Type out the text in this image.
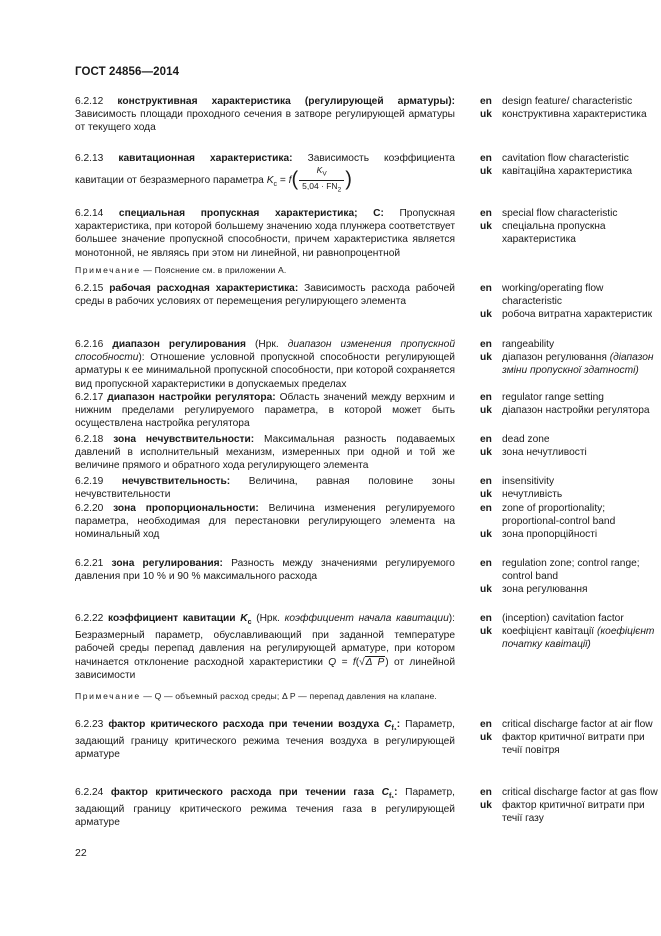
ГОСТ 24856—2014
6.2.12 конструктивная характеристика (регулирующей арматуры): Зависимость площади проходного сечения в затворе регулирующей арматуры от текущего хода
en design feature/ characteristic
uk конструктивна характеристика
6.2.13 кавитационная характеристика: Зависимость коэффициента кавитации от безразмерного параметра $K_c = f( \frac{K_V}{5,04 \cdot FN_2}$ )
en cavitation flow characteristic
uk кавітаційна характеристика
6.2.14 специальная пропускная характеристика; С: Пропускная характеристика, при которой большему значению хода плунжера соответствует большее значение пропускной способности, причем характеристика является монотонной, не являясь при этом ни линейной, ни равнопроцентной
Примечание — Пояснение см. в приложении А.
en special flow characteristic
uk спеціальна пропускна характеристика
6.2.15 рабочая расходная характеристика: Зависимость расхода рабочей среды в рабочих условиях от перемещения регулирующего элемента
en working/operating flow characteristic
uk робоча витратна характеристик
6.2.16 диапазон регулирования (Нрк. диапазон изменения пропускной способности): Отношение условной пропускной способности регулирующей арматуры к ее минимальной пропускной способности, при которой сохраняется вид пропускной характеристики в допускаемых пределах
en rangeability
uk діапазон регулювання (діапазон зміни пропускної здатності)
6.2.17 диапазон настройки регулятора: Область значений между верхним и нижним пределами регулируемого параметра, в которой может быть осуществлена настройка регулятора
en regulator range setting
uk діапазон настройки регулятора
6.2.18 зона нечувствительности: Максимальная разность подаваемых давлений в исполнительный механизм, измеренных при одной и той же величине прямого и обратного хода регулирующего элемента
en dead zone
uk зона нечутливості
6.2.19 нечувствительность: Величина, равная половине зоны нечувствительности
en insensitivity
uk нечутливість
6.2.20 зона пропорциональности: Величина изменения регулируемого параметра, необходимая для перестановки регулирующего элемента на номинальный ход
en zone of proportionality; proportional-control band
uk зона пропорційності
6.2.21 зона регулирования: Разность между значениями регулируемого давления при 10 % и 90 % максимального расхода
en regulation zone; control range; control band
uk зона регулювання
6.2.22 коэффициент кавитации $K_c$ (Нрк. коэффициент начала кавитации): Безразмерный параметр, обуславливающий при заданной температуре рабочей среды перепад давления на регулирующей арматуре, при котором начинается отклонение расходной характеристики Q = f(√Δ P) от линейной зависимости
Примечание — Q — объемный расход среды; Δ P — перепад давления на клапане.
en (inception) cavitation factor
uk коефіцієнт кавітації (коефіцієнт початку кавітації)
6.2.23 фактор критического расхода при течении воздуха $C_{f_1}$: Параметр, задающий границу критического режима течения воздуха в регулирующей арматуре
en critical discharge factor at air flow
uk фактор критичної витрати при течії повітря
6.2.24 фактор критического расхода при течении газа $C_{f_1}$: Параметр, задающий границу критического режима течения газа в регулирующей арматуре
en critical discharge factor at gas flow
uk фактор критичної витрати при течії газу
22
